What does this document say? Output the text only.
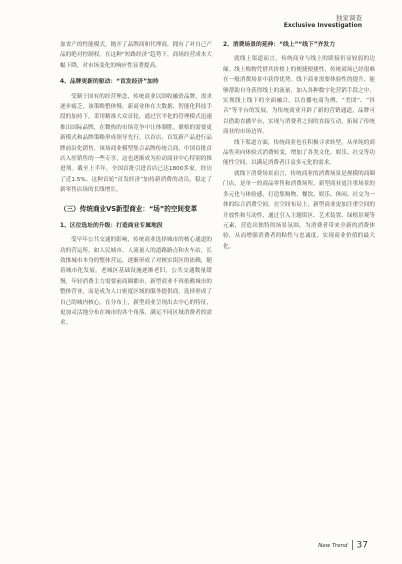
独家调查
Exclusive Investigation

加省产的性能模式，抛开了品牌商和代理商，拥有了对自己产品的绝对控制权。在这种“短路经济”趋势下，商场经营成本大幅下降，对市场变化的响应性显著提高。

4、品牌更新的驱动：“首发经济”加持

受制于国有的经营理念，传统商业以固收融资品牌，需求逐步疲乏，该策略整体慢。新商业体在大数据、智能化科技手段的加持下，采用精准大众首轮，通过官平化的管理模式迅速推出国际品牌，在微热的市场竞争中让体制胜。鼎格的需要更新模式和品牌策略形成领导先行、以首店、首发新产品进行品牌前沿化销售，该场商业模型集合品牌传统合商，中国首批首店入驻销售的一些专享，这也逐渐成为拉动商业中心特别的推进剂。截至上半年，全国首批引进首店已达1800多家，经历了近1.5%。这种首轮“首发经济”加持新消费的动员，稳定了新零售店场的长线增长。

（三）传统商业VS新型商业：“场”的空间变革
1、区位选址的升级：打造商业专属地段

受早年公共交通的影响，传统商业选择城市的核心通道的功的营运所，如人民城市、人流量人的道路路点和火车站，长效推城市本身的整体营运，逐渐形成了对核实街区的依赖，随着城市化发展，老城区基础设施逐渐老旧，公共交通数量缓慢，年轻消费主力需要前商圈都市，新型商业不再依赖城市的整体营业，而是成为人口密度区域的服务提供商，选择形成了自己的城内核心。在分布上，新型商业呈现出去中心的特征，更加灵活地分布在城市的各个角落，满足不同区域消费者的需求。

2、消费场景的延伸：“线上”“线下”齐发力

就线上渠道而言，传统商业与线上的联接仍显较弱的边缘。线上购物凭借其价格上的便捷便捷性，传统商场已经很难在一般消费场景中获得优势。线下商业需要体验性的提升，能够帮助自身获得线上的流量，加入各种数字化营销手段之中，实现线上线下的全面融合。以直播电商为例，“美团”、“抖音”等平台的发展，为传统商业开辟了新的营销通道，品牌可以借助直播平台，实现与消费者之间的直接互动，拓展了传统商业的市场边界。

线下渠道方面，传统商业也在积极寻求转型，从单纯的商品售卖向体验式消费转变，增加了各类文化、娱乐、社交等功能性空间，以满足消费者日益多元化的需求。

就线下消费场景而言，传统商业的消费场景是规模的商圈门店，是单一的商品零售和消费场所，新型商业更注重场景的多元化与体验感，打造集购物、餐饮、娱乐、休闲、社交为一体的综合消费空间。在空间布局上，新型商业更加注重空间的开放性和互动性，通过引入主题街区、艺术装置、绿植景观等元素，营造出独特的场景氛围，为消费者带来全新的消费体验，从而增强消费者的粘性与忠诚度，实现商业价值的最大化。

New Trend 37
